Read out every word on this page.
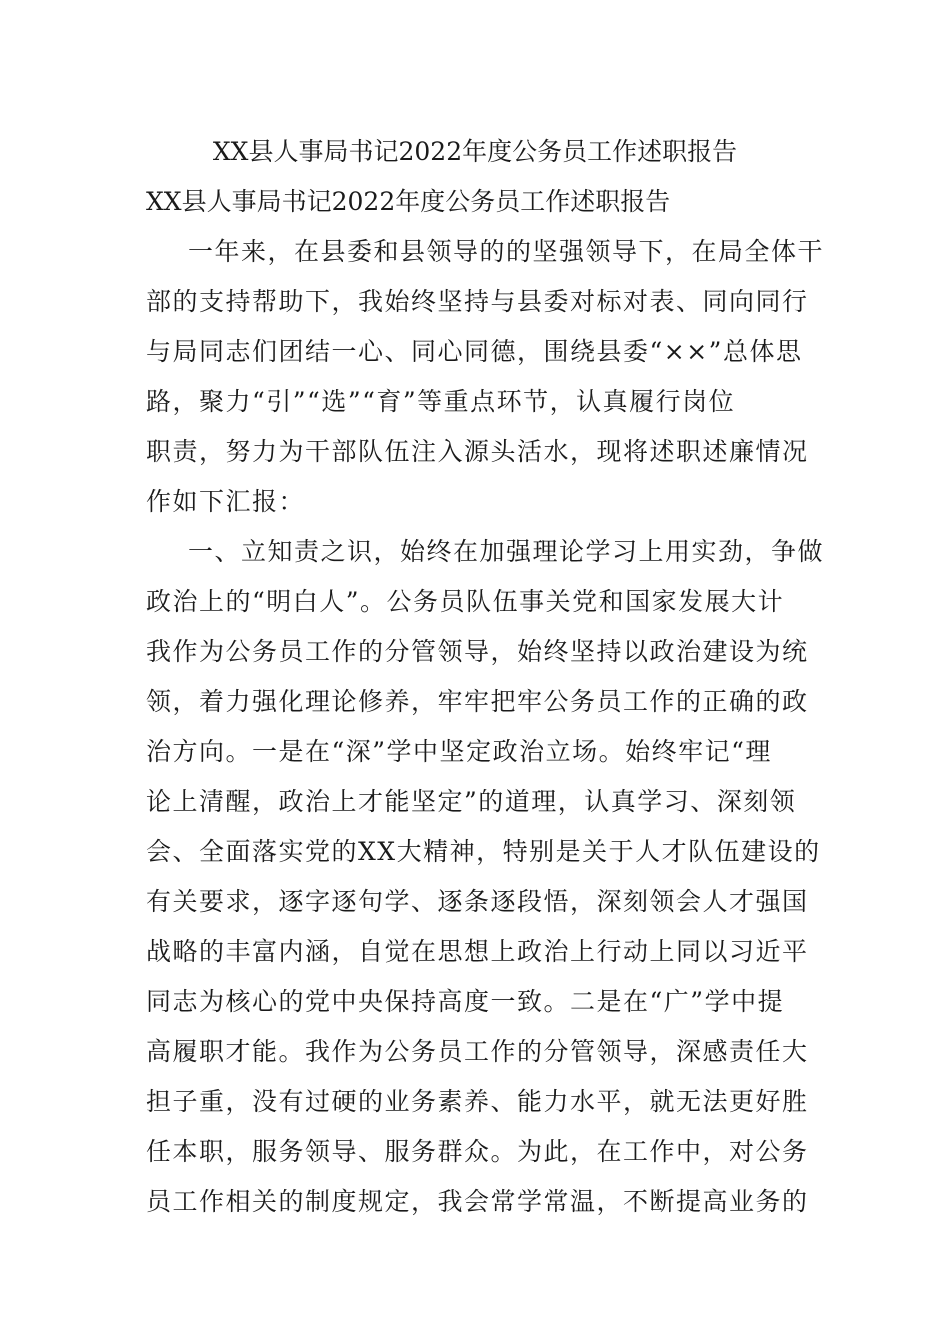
XX县人事局书记2022年度公务员工作述职报告
XX县人事局书记2022年度公务员工作述职报告
一年来，在县委和县领导的的坚强领导下，在局全体干
部的支持帮助下，我始终坚持与县委对标对表、同向同行
与局同志们团结一心、同心同德，围绕县委“××”总体思
路，聚力“引”“选”“育”等重点环节，认真履行岗位
职责，努力为干部队伍注入源头活水，现将述职述廉情况
作如下汇报：
一、立知责之识，始终在加强理论学习上用实劲，争做
政治上的“明白人”。公务员队伍事关党和国家发展大计
我作为公务员工作的分管领导，始终坚持以政治建设为统
领，着力强化理论修养，牢牢把牢公务员工作的正确的政
治方向。一是在“深”学中坚定政治立场。始终牢记“理
论上清醒，政治上才能坚定”的道理，认真学习、深刻领
会、全面落实党的XX大精神，特别是关于人才队伍建设的
有关要求，逐字逐句学、逐条逐段悟，深刻领会人才强国
战略的丰富内涵，自觉在思想上政治上行动上同以习近平
同志为核心的党中央保持高度一致。二是在“广”学中提
高履职才能。我作为公务员工作的分管领导，深感责任大
担子重，没有过硬的业务素养、能力水平，就无法更好胜
任本职，服务领导、服务群众。为此，在工作中，对公务
员工作相关的制度规定，我会常学常温，不断提高业务的
